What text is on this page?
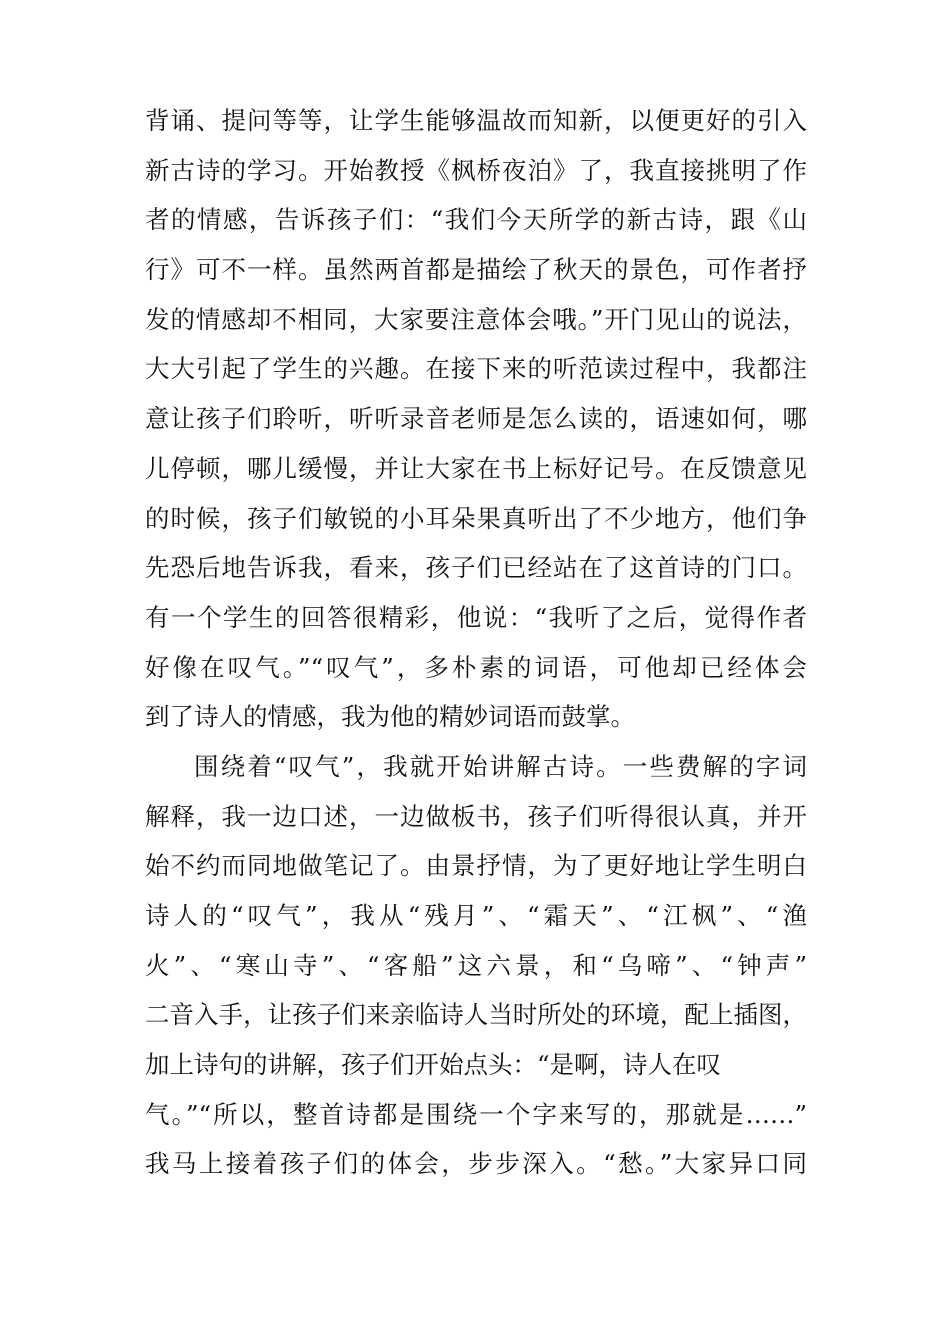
背诵、提问等等，让学生能够温故而知新，以便更好的引入
新古诗的学习。开始教授《枫桥夜泊》了，我直接挑明了作
者的情感，告诉孩子们：“我们今天所学的新古诗，跟《山
行》可不一样。虽然两首都是描绘了秋天的景色，可作者抒
发的情感却不相同，大家要注意体会哦。”开门见山的说法，
大大引起了学生的兴趣。在接下来的听范读过程中，我都注
意让孩子们聆听，听听录音老师是怎么读的，语速如何，哪
儿停顿，哪儿缓慢，并让大家在书上标好记号。在反馈意见
的时候，孩子们敏锐的小耳朵果真听出了不少地方，他们争
先恐后地告诉我，看来，孩子们已经站在了这首诗的门口。
有一个学生的回答很精彩，他说：“我听了之后，觉得作者
好像在叹气。”“叹气”，多朴素的词语，可他却已经体会
到了诗人的情感，我为他的精妙词语而鼓掌。
围绕着“叹气”，我就开始讲解古诗。一些费解的字词
解释，我一边口述，一边做板书，孩子们听得很认真，并开
始不约而同地做笔记了。由景抒情，为了更好地让学生明白
诗人的“叹气”，我从“残月”、“霜天”、“江枫”、“渔
火”、“寒山寺”、“客船”这六景，和“乌啼”、“钟声”
二音入手，让孩子们来亲临诗人当时所处的环境，配上插图，
加上诗句的讲解，孩子们开始点头：“是啊，诗人在叹
气。”“所以，整首诗都是围绕一个字来写的，那就是……”
我马上接着孩子们的体会，步步深入。“愁。”大家异口同
